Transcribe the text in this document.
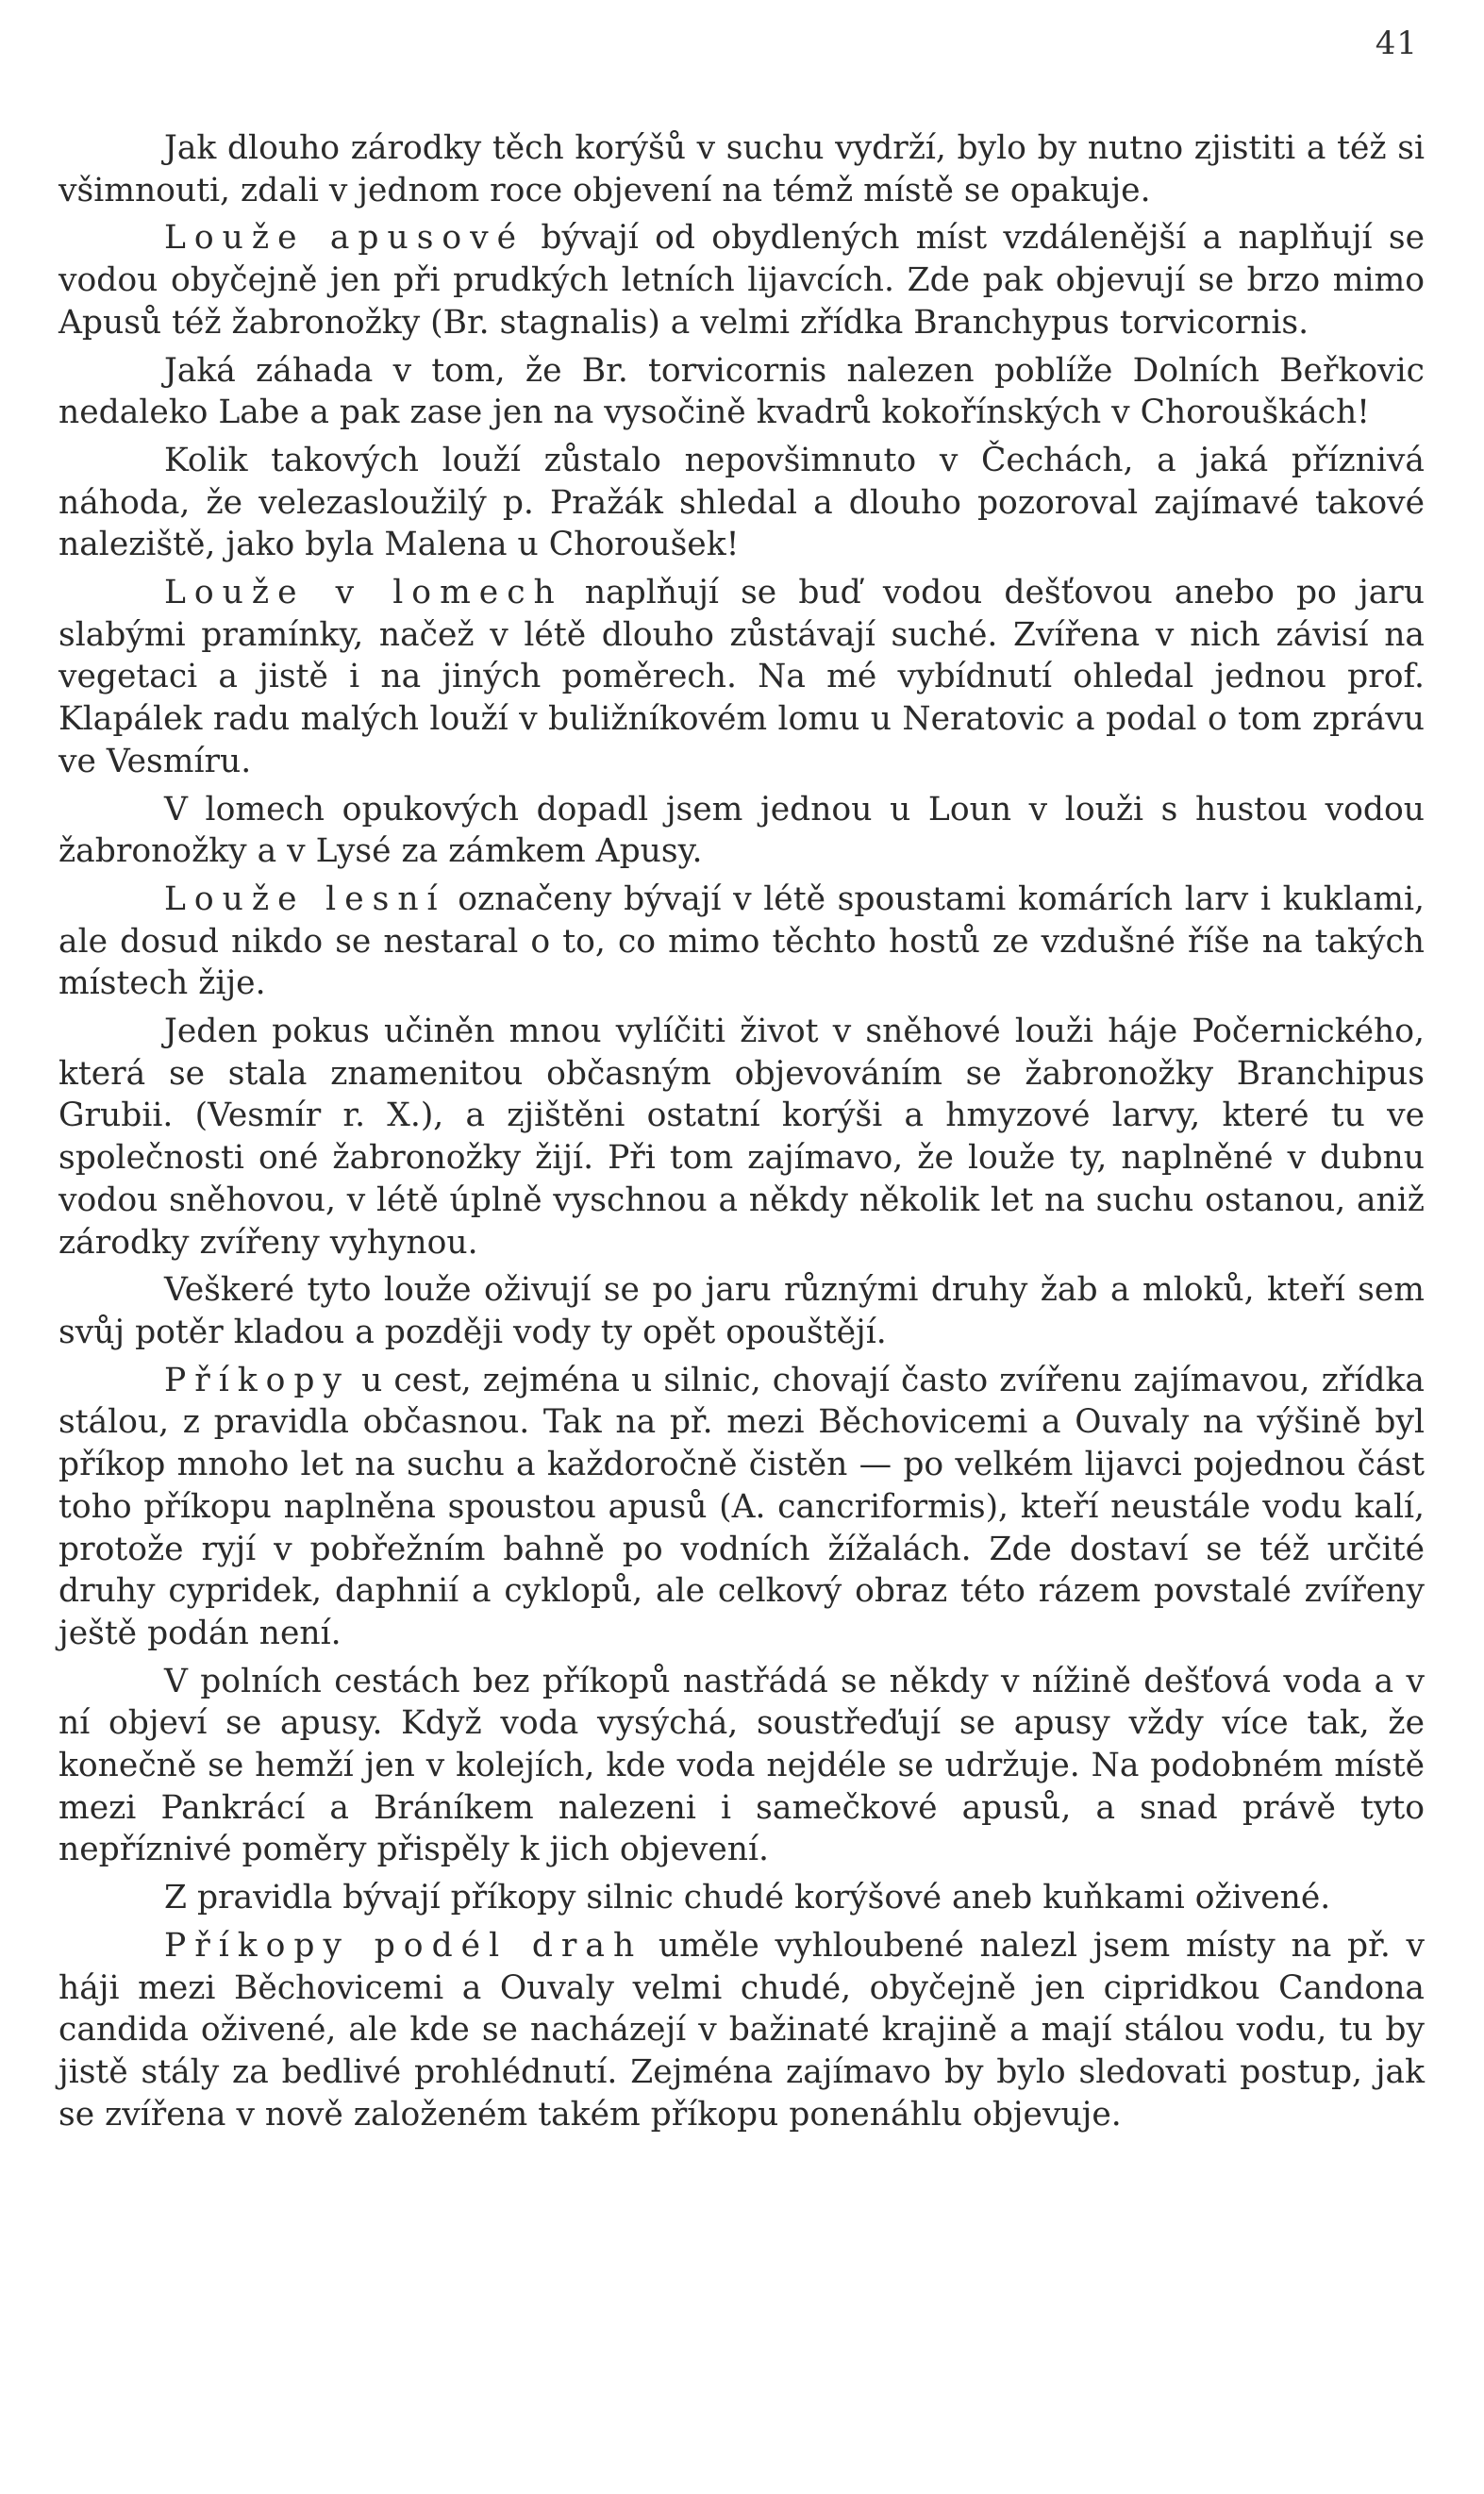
41

Jak dlouho zárodky těch korýšů v suchu vydrží, bylo by nutno zjistiti a též si všimnouti, zdali v jednom roce objevení na témž místě se opakuje.

Louže apusové bývají od obydlených míst vzdálenější a naplňují se vodou obyčejně jen při prudkých letních lijavcích. Zde pak objevují se brzo mimo Apusů též žabronožky (Br. stagnalis) a velmi zřídka Branchypus torvicornis.

Jaká záhada v tom, že Br. torvicornis nalezen poblíže Dolních Beřkovic nedaleko Labe a pak zase jen na vysočině kvadrů kokořínských v Chorouškách!

Kolik takových louží zůstalo nepovšimnuto v Čechách, a jaká příznivá náhoda, že velezasloužilý p. Pražák shledal a dlouho pozoroval zajímavé takové naleziště, jako byla Malena u Choroušek!

Louže v lomech naplňují se buď vodou dešťovou anebo po jaru slabými pramínky, načež v létě dlouho zůstávají suché. Zvířena v nich závisí na vegetaci a jistě i na jiných poměrech. Na mé vybídnutí ohledal jednou prof. Klapálek radu malých louží v buližníkovém lomu u Neratovic a podal o tom zprávu ve Vesmíru.

V lomech opukových dopadl jsem jednou u Loun v louži s hustou vodou žabronožky a v Lysé za zámkem Apusy.

Louže lesní označeny bývají v létě spoustami komárích larv i kuklami, ale dosud nikdo se nestaral o to, co mimo těchto hostů ze vzdušné říše na takých místech žije.

Jeden pokus učiněn mnou vylíčiti život v sněhové louži háje Počernického, která se stala znamenitou občasným objevováním se žabronožky Branchipus Grubii. (Vesmír r. X.), a zjištěni ostatní korýši a hmyzové larvy, které tu ve společnosti oné žabronožky žijí. Při tom zajímavo, že louže ty, naplněné v dubnu vodou sněhovou, v létě úplně vyschnou a někdy několik let na suchu ostanou, aniž zárodky zvířeny vyhynou.

Veškeré tyto louže oživují se po jaru různými druhy žab a mloků, kteří sem svůj potěr kladou a později vody ty opět opouštějí.

Příkopy u cest, zejména u silnic, chovají často zvířenu zajímavou, zřídka stálou, z pravidla občasnou. Tak na př. mezi Běchovicemi a Ouvaly na výšině byl příkop mnoho let na suchu a každoročně čistěn — po velkém lijavci pojednou část toho příkopu naplněna spoustou apusů (A. cancriformis), kteří neustále vodu kalí, protože ryjí v pobřežním bahně po vodních žížalách. Zde dostaví se též určité druhy cypridek, daphnií a cyklopů, ale celkový obraz této rázem povstalé zvířeny ještě podán není.

V polních cestách bez příkopů nastřádá se někdy v nížině dešťová voda a v ní objeví se apusy. Když voda vysýchá, soustřeďují se apusy vždy více tak, že konečně se hemží jen v kolejích, kde voda nejdéle se udržuje. Na podobném místě mezi Pankrácí a Bráníkem nalezeni i samečkové apusů, a snad právě tyto nepříznivé poměry přispěly k jich objevení.

Z pravidla bývají příkopy silnic chudé korýšové aneb kuňkami oživené.

Příkopy podél drah uměle vyhloubené nalezl jsem místy na př. v háji mezi Běchovicemi a Ouvaly velmi chudé, obyčejně jen cipridkou Candona candida oživené, ale kde se nacházejí v bažinaté krajině a mají stálou vodu, tu by jistě stály za bedlivé prohlédnutí. Zejména zajímavo by bylo sledovati postup, jak se zvířena v nově založeném takém příkopu ponenáhlu objevuje.
